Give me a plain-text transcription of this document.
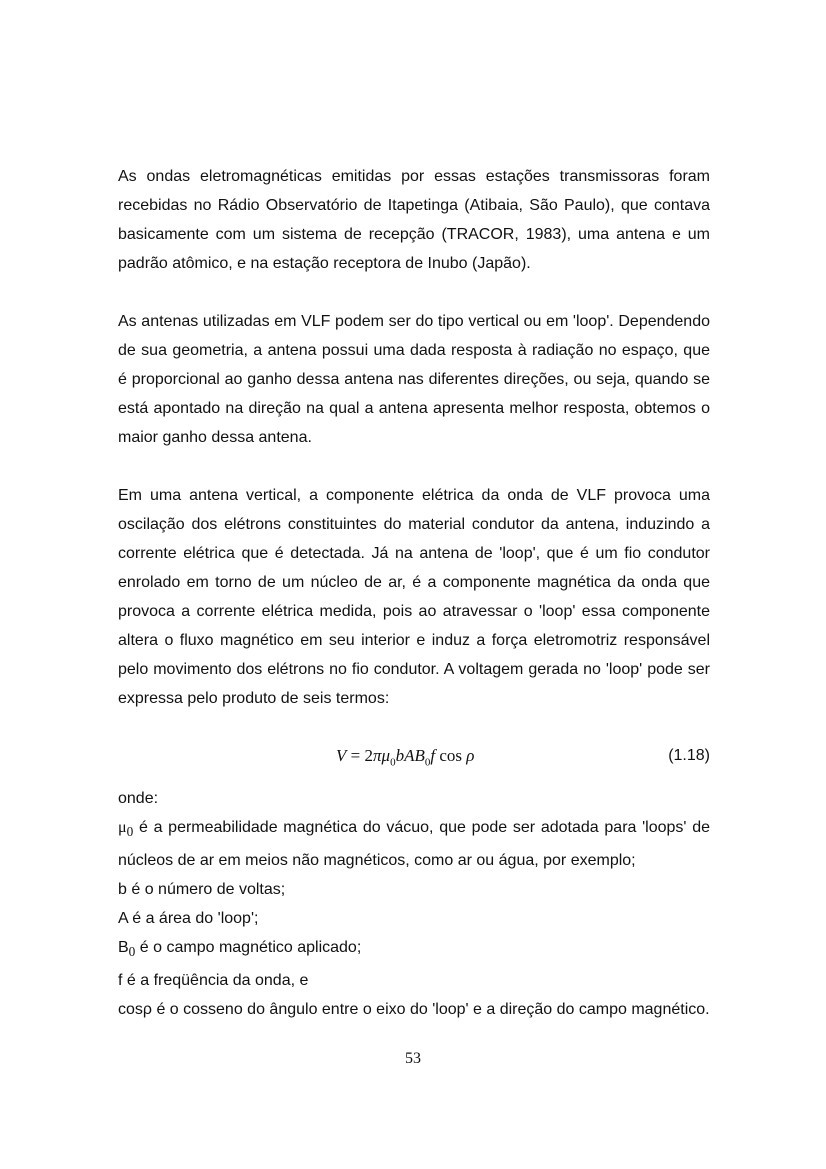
As ondas eletromagnéticas emitidas por essas estações transmissoras foram recebidas no Rádio Observatório de Itapetinga (Atibaia, São Paulo), que contava basicamente com um sistema de recepção (TRACOR, 1983), uma antena e um padrão atômico, e na estação receptora de Inubo (Japão).

As antenas utilizadas em VLF podem ser do tipo vertical ou em 'loop'. Dependendo de sua geometria, a antena possui uma dada resposta à radiação no espaço, que é proporcional ao ganho dessa antena nas diferentes direções, ou seja, quando se está apontado na direção na qual a antena apresenta melhor resposta, obtemos o maior ganho dessa antena.

Em uma antena vertical, a componente elétrica da onda de VLF provoca uma oscilação dos elétrons constituintes do material condutor da antena, induzindo a corrente elétrica que é detectada. Já na antena de 'loop', que é um fio condutor enrolado em torno de um núcleo de ar, é a componente magnética da onda que provoca a corrente elétrica medida, pois ao atravessar o 'loop' essa componente altera o fluxo magnético em seu interior e induz a força eletromotriz responsável pelo movimento dos elétrons no fio condutor. A voltagem gerada no 'loop' pode ser expressa pelo produto de seis termos:

$V = 2\pi\mu_0bAB_0f$ cos ρ	(1.18)

onde:

$\mu_0$ é a permeabilidade magnética do vácuo, que pode ser adotada para 'loops' de núcleos de ar em meios não magnéticos, como ar ou água, por exemplo;

b é o número de voltas;

A é a área do 'loop';

$B_0$ é o campo magnético aplicado;

f é a freqüência da onda, e

cosρ é o cosseno do ângulo entre o eixo do 'loop' e a direção do campo magnético.

53
